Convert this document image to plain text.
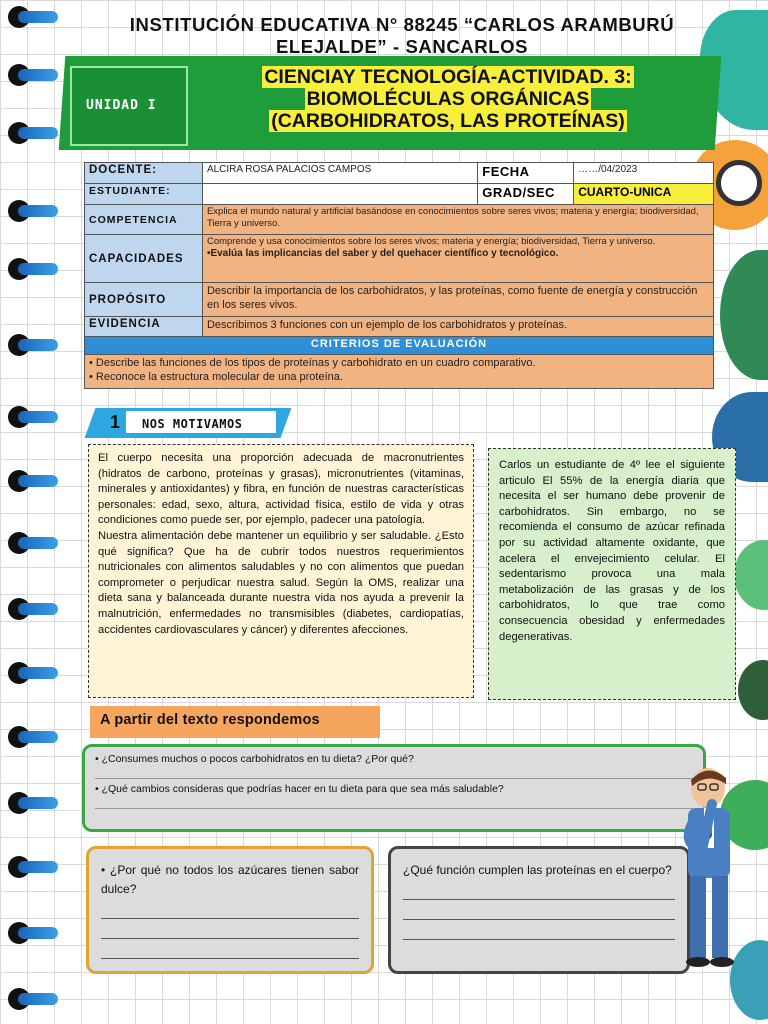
INSTITUCIÓN EDUCATIVA N° 88245 “CARLOS ARAMBURÚ ELEJALDE” - SANCARLOS
UNIDAD I
CIENCIAY TECNOLOGÍA-ACTIVIDAD. 3:
BIOMOLÉCULAS ORGÁNICAS
(CARBOHIDRATOS, LAS PROTEÍNAS)
DOCENTE:	ALCIRA ROSA PALACIOS CAMPOS	FECHA	……/04/2023
ESTUDIANTE:		GRAD/SEC	CUARTO-UNICA
COMPETENCIA	Explica el mundo natural y artificial basándose en conocimientos sobre seres vivos; materia y energía; biodiversidad, Tierra y universo.		
CAPACIDADES	Comprende y usa conocimientos sobre los seres vivos; materia y energía; biodiversidad, Tierra y universo.
•Evalúa las implicancias del saber y del quehacer científico y tecnológico.		

PROPÓSITO	Describir la importancia de los carbohidratos, y las proteínas, como fuente de energía y construcción en los seres vivos.		
EVIDENCIA	Describimos 3 funciones con un ejemplo de los carbohidratos y proteínas.		
CRITERIOS DE EVALUACIÓN			

• Describe las funciones de los tipos de proteínas y carbohidrato en un cuadro comparativo.
• Reconoce la estructura molecular de una proteína.			
1 NOS MOTIVAMOS
El cuerpo necesita una proporción adecuada de macronutrientes (hidratos de carbono, proteínas y grasas), micronutrientes (vitaminas, minerales y antioxidantes) y fibra, en función de nuestras características personales: edad, sexo, altura, actividad física, estilo de vida y otras condiciones como puede ser, por ejemplo, padecer una patología.
Nuestra alimentación debe mantener un equilibrio y ser saludable. ¿Esto qué significa? Que ha de cubrir todos nuestros requerimientos nutricionales con alimentos saludables y no con alimentos que puedan comprometer o perjudicar nuestra salud. Según la OMS, realizar una dieta sana y balanceada durante nuestra vida nos ayuda a prevenir la malnutrición, enfermedades no transmisibles (diabetes, cardiopatías, accidentes cardiovasculares y cáncer) y diferentes afecciones.
Carlos un estudiante de 4º lee el siguiente articulo El 55% de la energía diaria que necesita el ser humano debe provenir de carbohidratos. Sin embargo, no se recomienda el consumo de azúcar refinada por su actividad altamente oxidante, que acelera el envejecimiento celular. El sedentarismo provoca una mala metabolización de las grasas y de los carbohidratos, lo que trae como consecuencia obesidad y enfermedades degenerativas.
A partir del texto respondemos
• ¿Consumes muchos o pocos carbohidratos en tu dieta? ¿Por qué?
• ¿Qué cambios consideras que podrías hacer en tu dieta para que sea más saludable?
• ¿Por qué no todos los azúcares tienen sabor dulce?
¿Qué función cumplen las proteínas en el cuerpo?
